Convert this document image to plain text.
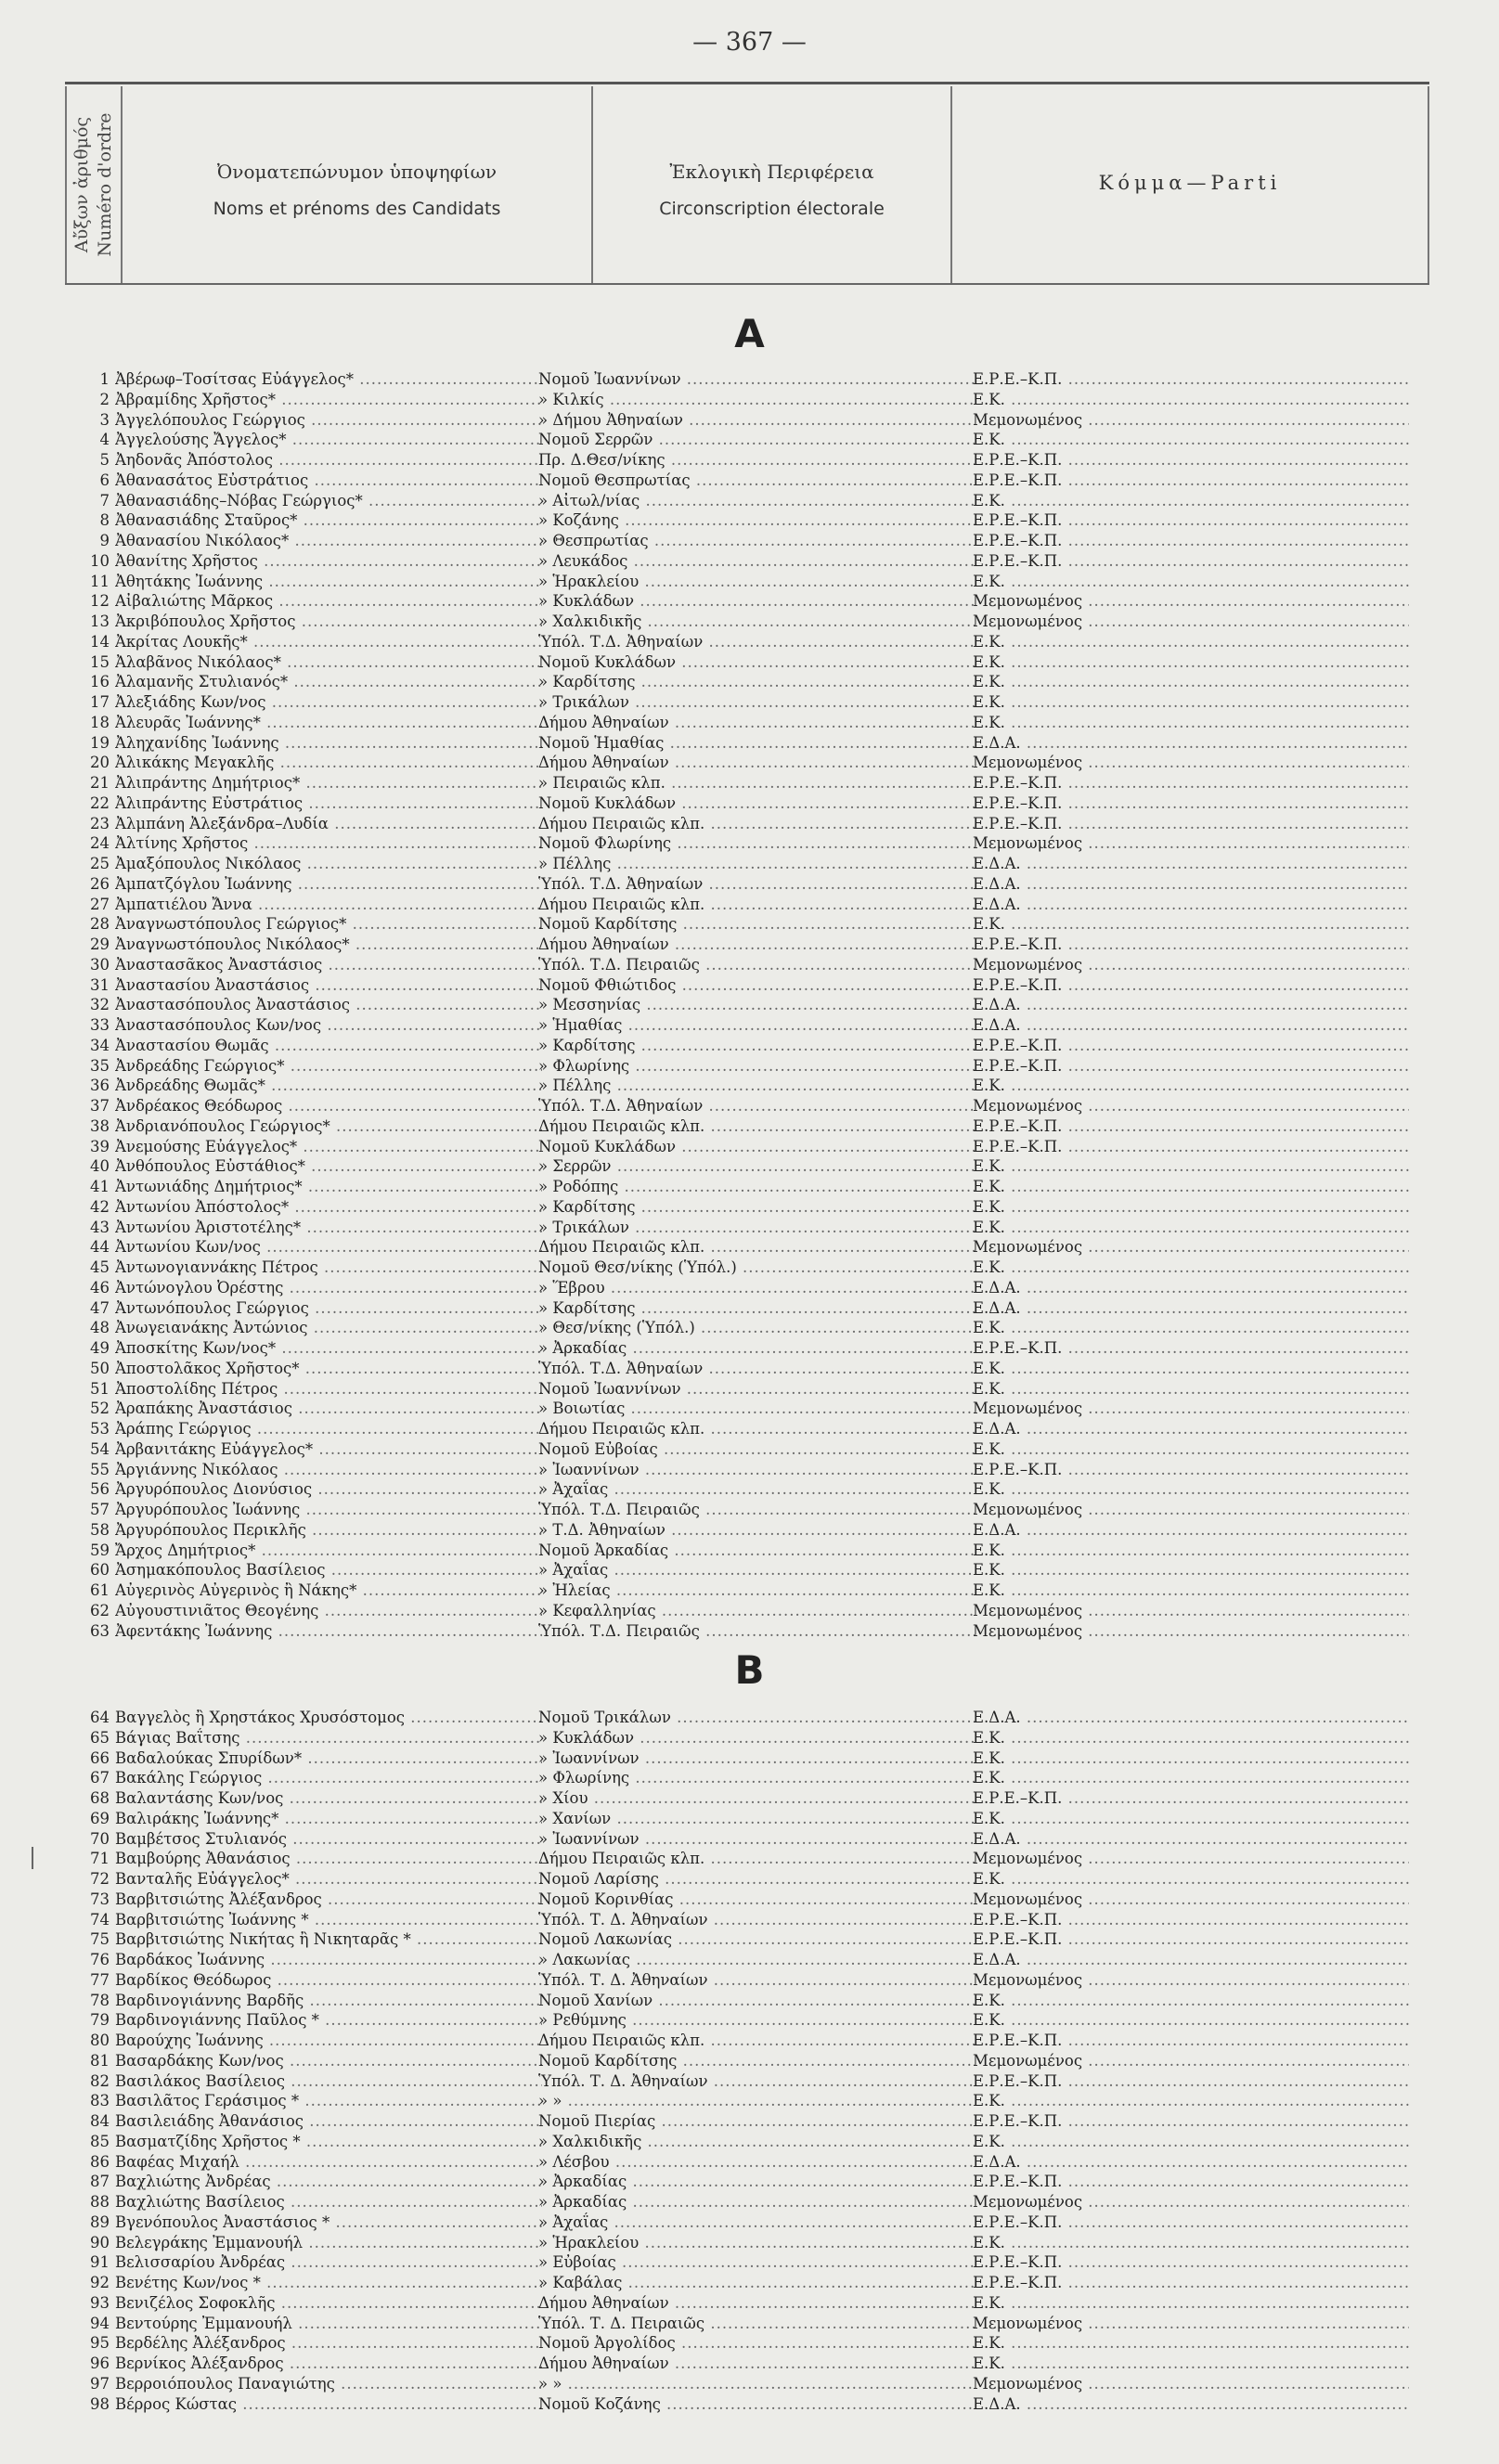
— 367 —
Αὔξων ἀριθμός Numéro d'ordre	Ὀνοματεπώνυμον ὑποψηφίων
Noms et prénoms des Candidats
Ἐκλογικὴ Περιφέρεια
Circonscription électorale
Κόμμα—Parti
Α
1 Ἀβέρωφ–Τοσίτσας Εὐάγγελος* .....	Νομοῦ Ἰωαννίνων .....	Ε.Ρ.Ε.–Κ.Π. .....
2 Ἀβραμίδης Χρῆστος* .....	» Κιλκίς .....	Ε.Κ. .....
3 Ἀγγελόπουλος Γεώργιος .....	» Δήμου Ἀθηναίων .....	Μεμονωμένος .....
4 Ἀγγελούσης Ἄγγελος* .....	Νομοῦ Σερρῶν .....	Ε.Κ. .....
5 Ἀηδονᾶς Ἀπόστολος .....	Πρ. Δ.Θεσ/νίκης .....	Ε.Ρ.Ε.–Κ.Π. .....
6 Ἀθανασάτος Εὐστράτιος .....	Νομοῦ Θεσπρωτίας .....	Ε.Ρ.Ε.–Κ.Π. .....
7 Ἀθανασιάδης–Νόβας Γεώργιος* .....	» Αἰτωλ/νίας .....	Ε.Κ. .....
8 Ἀθανασιάδης Σταῦρος* .....	» Κοζάνης .....	Ε.Ρ.Ε.–Κ.Π. .....
9 Ἀθανασίου Νικόλαος* .....	» Θεσπρωτίας .....	Ε.Ρ.Ε.–Κ.Π. .....
10 Ἀθανίτης Χρῆστος .....	» Λευκάδος .....	Ε.Ρ.Ε.–Κ.Π. .....
11 Ἀθητάκης Ἰωάννης .....	» Ἡρακλείου .....	Ε.Κ. .....
12 Αἰβαλιώτης Μᾶρκος .....	» Κυκλάδων .....	Μεμονωμένος .....
13 Ἀκριβόπουλος Χρῆστος .....	» Χαλκιδικῆς .....	Μεμονωμένος .....
14 Ἀκρίτας Λουκῆς* .....	Ὑπόλ. Τ.Δ. Ἀθηναίων .....	Ε.Κ. .....
15 Ἀλαβᾶνος Νικόλαος* .....	Νομοῦ Κυκλάδων .....	Ε.Κ. .....
16 Ἀλαμανῆς Στυλιανός* .....	» Καρδίτσης .....	Ε.Κ. .....
17 Ἀλεξιάδης Κων/νος .....	» Τρικάλων .....	Ε.Κ. .....
18 Ἀλευρᾶς Ἰωάννης* .....	Δήμου Ἀθηναίων .....	Ε.Κ. .....
19 Ἀληχανίδης Ἰωάννης .....	Νομοῦ Ἡμαθίας .....	Ε.Δ.Α. .....
20 Ἀλικάκης Μεγακλῆς .....	Δήμου Ἀθηναίων .....	Μεμονωμένος .....
21 Ἀλιπράντης Δημήτριος* .....	» Πειραιῶς κλπ. .....	Ε.Ρ.Ε.–Κ.Π. .....
22 Ἀλιπράντης Εὐστράτιος .....	Νομοῦ Κυκλάδων .....	Ε.Ρ.Ε.–Κ.Π. .....
23 Ἀλμπάνη Ἀλεξάνδρα–Λυδία .....	Δήμου Πειραιῶς κλπ. .....	Ε.Ρ.Ε.–Κ.Π. .....
24 Ἀλτίνης Χρῆστος .....	Νομοῦ Φλωρίνης .....	Μεμονωμένος .....
25 Ἀμαξόπουλος Νικόλαος .....	» Πέλλης .....	Ε.Δ.Α. .....
26 Ἀμπατζόγλου Ἰωάννης .....	Ὑπόλ. Τ.Δ. Ἀθηναίων .....	Ε.Δ.Α. .....
27 Ἀμπατιέλου Ἄννα .....	Δήμου Πειραιῶς κλπ. .....	Ε.Δ.Α. .....
28 Ἀναγνωστόπουλος Γεώργιος* .....	Νομοῦ Καρδίτσης .....	Ε.Κ. .....
29 Ἀναγνωστόπουλος Νικόλαος* .....	Δήμου Ἀθηναίων .....	Ε.Ρ.Ε.–Κ.Π. .....
30 Ἀναστασᾶκος Ἀναστάσιος .....	Ὑπόλ. Τ.Δ. Πειραιῶς .....	Μεμονωμένος .....
31 Ἀναστασίου Ἀναστάσιος .....	Νομοῦ Φθιώτιδος .....	Ε.Ρ.Ε.–Κ.Π. .....
32 Ἀναστασόπουλος Ἀναστάσιος .....	» Μεσσηνίας .....	Ε.Δ.Α. .....
33 Ἀναστασόπουλος Κων/νος .....	» Ἡμαθίας .....	Ε.Δ.Α. .....
34 Ἀναστασίου Θωμᾶς .....	» Καρδίτσης .....	Ε.Ρ.Ε.–Κ.Π. .....
35 Ἀνδρεάδης Γεώργιος* .....	» Φλωρίνης .....	Ε.Ρ.Ε.–Κ.Π. .....
36 Ἀνδρεάδης Θωμᾶς* .....	» Πέλλης .....	Ε.Κ. .....
37 Ἀνδρέακος Θεόδωρος .....	Ὑπόλ. Τ.Δ. Ἀθηναίων .....	Μεμονωμένος .....
38 Ἀνδριανόπουλος Γεώργιος* .....	Δήμου Πειραιῶς κλπ. .....	Ε.Ρ.Ε.–Κ.Π. .....
39 Ἀνεμούσης Εὐάγγελος* .....	Νομοῦ Κυκλάδων .....	Ε.Ρ.Ε.–Κ.Π. .....
40 Ἀνθόπουλος Εὐστάθιος* .....	» Σερρῶν .....	Ε.Κ. .....
41 Ἀντωνιάδης Δημήτριος* .....	» Ροδόπης .....	Ε.Κ. .....
42 Ἀντωνίου Ἀπόστολος* .....	» Καρδίτσης .....	Ε.Κ. .....
43 Ἀντωνίου Ἀριστοτέλης* .....	» Τρικάλων .....	Ε.Κ. .....
44 Ἀντωνίου Κων/νος .....	Δήμου Πειραιῶς κλπ. .....	Μεμονωμένος .....
45 Ἀντωνογιαννάκης Πέτρος .....	Νομοῦ Θεσ/νίκης (Ὑπόλ.) .....	Ε.Κ. .....
46 Ἀντώνογλου Ὀρέστης .....	» Ἕβρου .....	Ε.Δ.Α. .....
47 Ἀντωνόπουλος Γεώργιος .....	» Καρδίτσης .....	Ε.Δ.Α. .....
48 Ἀνωγειανάκης Ἀντώνιος .....	» Θεσ/νίκης (Ὑπόλ.) .....	Ε.Κ. .....
49 Ἀποσκίτης Κων/νος* .....	» Ἀρκαδίας .....	Ε.Ρ.Ε.–Κ.Π. .....
50 Ἀποστολᾶκος Χρῆστος* .....	Ὑπόλ. Τ.Δ. Ἀθηναίων .....	Ε.Κ. .....
51 Ἀποστολίδης Πέτρος .....	Νομοῦ Ἰωαννίνων .....	Ε.Κ. .....
52 Ἀραπάκης Ἀναστάσιος .....	» Βοιωτίας .....	Μεμονωμένος .....
53 Ἀράπης Γεώργιος .....	Δήμου Πειραιῶς κλπ. .....	Ε.Δ.Α. .....
54 Ἀρβανιτάκης Εὐάγγελος* .....	Νομοῦ Εὐβοίας .....	Ε.Κ. .....
55 Ἀργιάννης Νικόλαος .....	» Ἰωαννίνων .....	Ε.Ρ.Ε.–Κ.Π. .....
56 Ἀργυρόπουλος Διονύσιος .....	» Ἀχαΐας .....	Ε.Κ. .....
57 Ἀργυρόπουλος Ἰωάννης .....	Ὑπόλ. Τ.Δ. Πειραιῶς .....	Μεμονωμένος .....
58 Ἀργυρόπουλος Περικλῆς .....	» Τ.Δ. Ἀθηναίων .....	Ε.Δ.Α. .....
59 Ἄρχος Δημήτριος* .....	Νομοῦ Ἀρκαδίας .....	Ε.Κ. .....
60 Ἀσημακόπουλος Βασίλειος .....	» Ἀχαΐας .....	Ε.Κ. .....
61 Αὐγερινὸς Αὐγερινὸς ἢ Νάκης* .....	» Ἠλείας .....	Ε.Κ. .....
62 Αὐγουστινιᾶτος Θεογένης .....	» Κεφαλληνίας .....	Μεμονωμένος .....
63 Ἀφεντάκης Ἰωάννης .....	Ὑπόλ. Τ.Δ. Πειραιῶς .....	Μεμονωμένος .....
Β
64 Βαγγελὸς ἢ Χρηστάκος Χρυσόστομος .....	Νομοῦ Τρικάλων .....	Ε.Δ.Α. .....
65 Βάγιας Βαΐτσης .....	» Κυκλάδων .....	Ε.Κ. .....
66 Βαδαλούκας Σπυρίδων* .....	» Ἰωαννίνων .....	Ε.Κ. .....
67 Βακάλης Γεώργιος .....	» Φλωρίνης .....	Ε.Κ. .....
68 Βαλαντάσης Κων/νος .....	» Χίου .....	Ε.Ρ.Ε.–Κ.Π. .....
69 Βαλιράκης Ἰωάννης* .....	» Χανίων .....	Ε.Κ. .....
70 Βαμβέτσος Στυλιανός .....	» Ἰωαννίνων .....	Ε.Δ.Α. .....
71 Βαμβούρης Ἀθανάσιος .....	Δήμου Πειραιῶς κλπ. .....	Μεμονωμένος .....
72 Βανταλῆς Εὐάγγελος* .....	Νομοῦ Λαρίσης .....	Ε.Κ. .....
73 Βαρβιτσιώτης Ἀλέξανδρος .....	Νομοῦ Κορινθίας .....	Μεμονωμένος .....
74 Βαρβιτσιώτης Ἰωάννης * .....	Ὑπόλ. Τ. Δ. Ἀθηναίων .....	Ε.Ρ.Ε.–Κ.Π. .....
75 Βαρβιτσιώτης Νικήτας ἢ Νικηταρᾶς * .....	Νομοῦ Λακωνίας .....	Ε.Ρ.Ε.–Κ.Π. .....
76 Βαρδάκος Ἰωάννης .....	» Λακωνίας .....	Ε.Δ.Α. .....
77 Βαρδίκος Θεόδωρος .....	Ὑπόλ. Τ. Δ. Ἀθηναίων .....	Μεμονωμένος .....
78 Βαρδινογιάννης Βαρδῆς .....	Νομοῦ Χανίων .....	Ε.Κ. .....
79 Βαρδινογιάννης Παῦλος * .....	» Ρεθύμνης .....	Ε.Κ. .....
80 Βαρούχης Ἰωάννης .....	Δήμου Πειραιῶς κλπ. .....	Ε.Ρ.Ε.–Κ.Π. .....
81 Βασαρδάκης Κων/νος .....	Νομοῦ Καρδίτσης .....	Μεμονωμένος .....
82 Βασιλάκος Βασίλειος .....	Ὑπόλ. Τ. Δ. Ἀθηναίων .....	Ε.Ρ.Ε.–Κ.Π. .....
83 Βασιλᾶτος Γεράσιμος * .....	» » .....	Ε.Κ. .....
84 Βασιλειάδης Ἀθανάσιος .....	Νομοῦ Πιερίας .....	Ε.Ρ.Ε.–Κ.Π. .....
85 Βασματζίδης Χρῆστος * .....	» Χαλκιδικῆς .....	Ε.Κ. .....
86 Βαφέας Μιχαήλ .....	» Λέσβου .....	Ε.Δ.Α. .....
87 Βαχλιώτης Ἀνδρέας .....	» Ἀρκαδίας .....	Ε.Ρ.Ε.–Κ.Π. .....
88 Βαχλιώτης Βασίλειος .....	» Ἀρκαδίας .....	Μεμονωμένος .....
89 Βγενόπουλος Ἀναστάσιος * .....	» Ἀχαΐας .....	Ε.Ρ.Ε.–Κ.Π. .....
90 Βελεγράκης Ἐμμανουήλ .....	» Ἡρακλείου .....	Ε.Κ. .....
91 Βελισσαρίου Ἀνδρέας .....	» Εὐβοίας .....	Ε.Ρ.Ε.–Κ.Π. .....
92 Βενέτης Κων/νος * .....	» Καβάλας .....	Ε.Ρ.Ε.–Κ.Π. .....
93 Βενιζέλος Σοφοκλῆς .....	Δήμου Ἀθηναίων .....	Ε.Κ. .....
94 Βεντούρης Ἐμμανουήλ .....	Ὑπόλ. Τ. Δ. Πειραιῶς .....	Μεμονωμένος .....
95 Βερδέλης Ἀλέξανδρος .....	Νομοῦ Ἀργολίδος .....	Ε.Κ. .....
96 Βερνίκος Ἀλέξανδρος .....	Δήμου Ἀθηναίων .....	Ε.Κ. .....
97 Βερροιόπουλος Παναγιώτης .....	» » .....	Μεμονωμένος .....
98 Βέρρος Κώστας .....	Νομοῦ Κοζάνης .....	Ε.Δ.Α. .....
